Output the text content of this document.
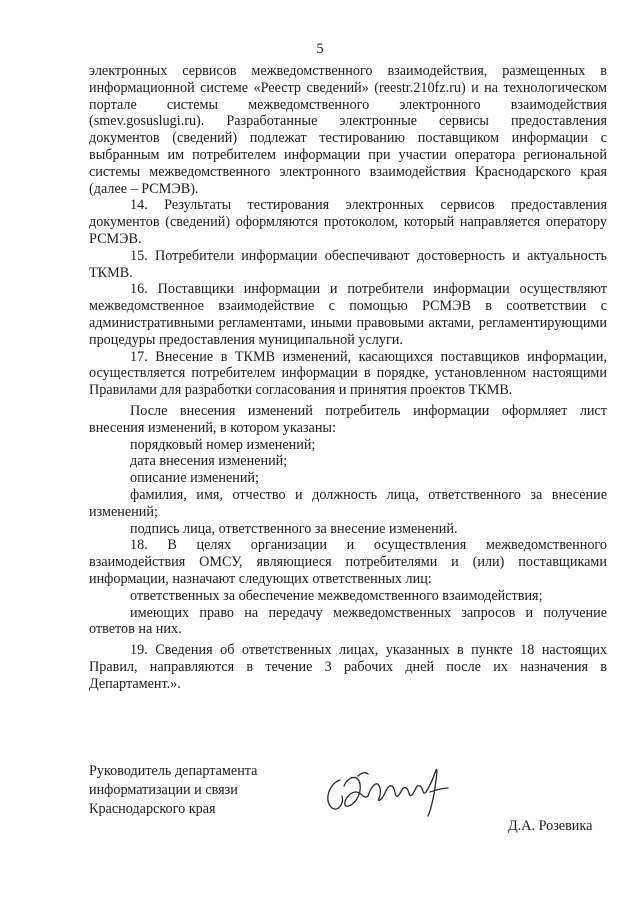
5

электронных сервисов межведомственного взаимодействия, размещенных в информационной системе «Реестр сведений» (reestr.210fz.ru) и на технологическом портале системы межведомственного электронного взаимодействия (smev.gosuslugi.ru). Разработанные электронные сервисы предоставления документов (сведений) подлежат тестированию поставщиком информации с выбранным им потребителем информации при участии оператора региональной системы межведомственного электронного взаимодействия Краснодарского края (далее – РСМЭВ).

14. Результаты тестирования электронных сервисов предоставления документов (сведений) оформляются протоколом, который направляется оператору РСМЭВ.

15. Потребители информации обеспечивают достоверность и актуальность ТКМВ.

16. Поставщики информации и потребители информации осуществляют межведомственное взаимодействие с помощью РСМЭВ в соответствии с административными регламентами, иными правовыми актами, регламентирующими процедуры предоставления муниципальной услуги.

17. Внесение в ТКМВ изменений, касающихся поставщиков информации, осуществляется потребителем информации в порядке, установленном настоящими Правилами для разработки согласования и принятия проектов ТКМВ.

После внесения изменений потребитель информации оформляет лист внесения изменений, в котором указаны:

порядковый номер изменений;

дата внесения изменений;

описание изменений;

фамилия, имя, отчество и должность лица, ответственного за внесение изменений;

подпись лица, ответственного за внесение изменений.

18. В целях организации и осуществления межведомственного взаимодействия ОМСУ, являющиеся потребителями и (или) поставщиками информации, назначают следующих ответственных лиц:

ответственных за обеспечение межведомственного взаимодействия;

имеющих право на передачу межведомственных запросов и получение ответов на них.

19. Сведения об ответственных лицах, указанных в пункте 18 настоящих Правил, направляются в течение 3 рабочих дней после их назначения в Департамент.».

Руководитель департамента
информатизации и связи
Краснодарского края
Д.А. Розевика
